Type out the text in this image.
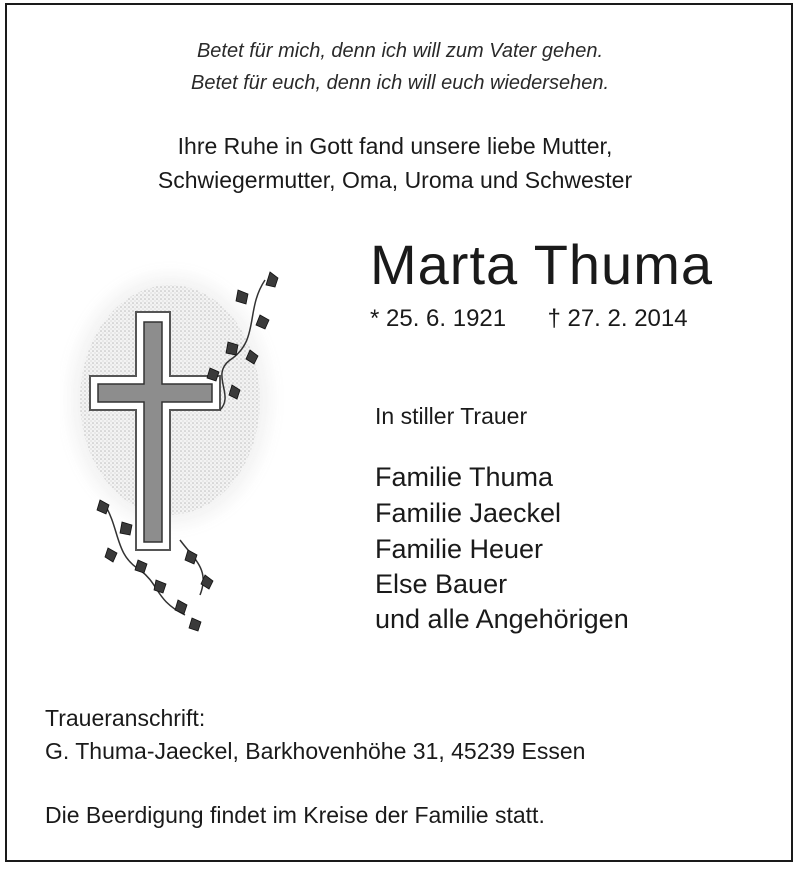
Betet für mich, denn ich will zum Vater gehen.

Betet für euch, denn ich will euch wiedersehen.

Ihre Ruhe in Gott fand unsere liebe Mutter,

Schwiegermutter, Oma, Uroma und Schwester

Marta Thuma

* 25. 6. 1921 † 27. 2. 2014

In stiller Trauer

Familie Thuma

Familie Jaeckel

Familie Heuer

Else Bauer

und alle Angehörigen

Traueranschrift:

G. Thuma-Jaeckel, Barkhovenhöhe 31, 45239 Essen

Die Beerdigung findet im Kreise der Familie statt.
